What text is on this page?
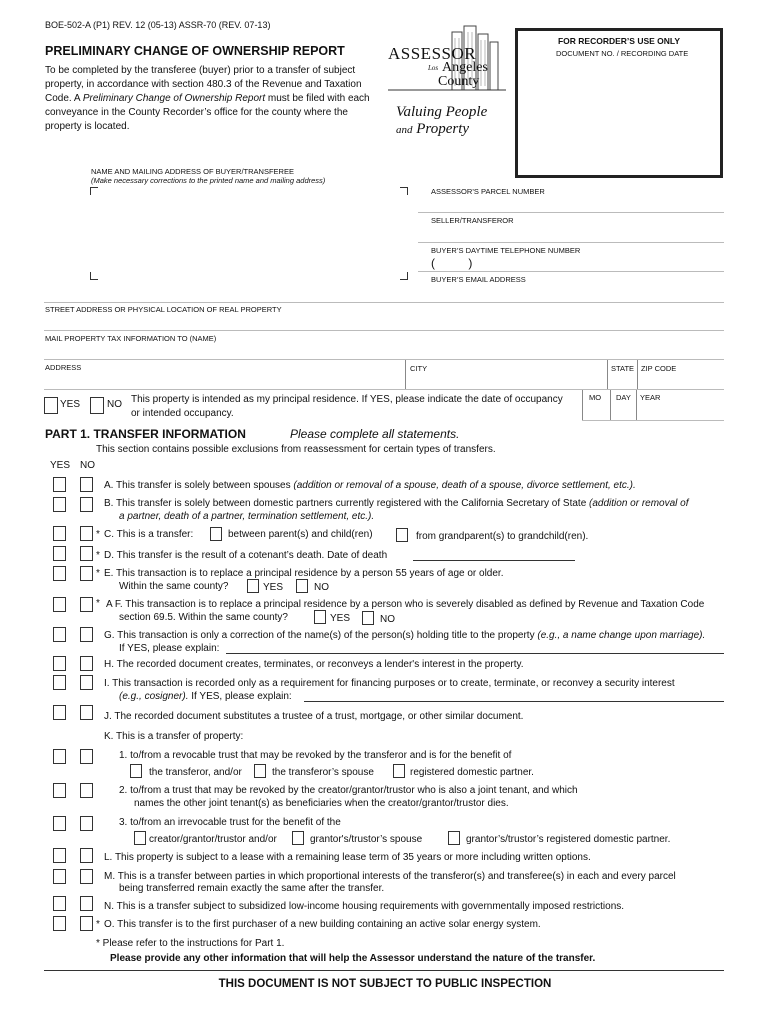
BOE-502-A (P1) REV. 12 (05-13) ASSR-70 (REV. 07-13)
PRELIMINARY CHANGE OF OWNERSHIP REPORT
To be completed by the transferee (buyer) prior to a transfer of subject
property, in accordance with section 480.3 of the Revenue and Taxation
Code. A Preliminary Change of Ownership Report must be filed with each
conveyance in the County Recorder’s office for the county where the
property is located.
ASSESSOR
Los Angeles
County
Valuing People
and Property
FOR RECORDER’S USE ONLY
DOCUMENT NO. / RECORDING DATE
NAME AND MAILING ADDRESS OF BUYER/TRANSFEREE
(Make necessary corrections to the printed name and mailing address)
ASSESSOR’S PARCEL NUMBER
SELLER/TRANSFEROR
BUYER’S DAYTIME TELEPHONE NUMBER
(          )
BUYER’S EMAIL ADDRESS
STREET ADDRESS OR PHYSICAL LOCATION OF REAL PROPERTY
MAIL PROPERTY TAX INFORMATION TO (NAME)
ADDRESS	CITY	STATE ZIP CODE
YES	NO This property is intended as my principal residence. If YES, please indicate the date of occupancy
or intended occupancy.
MO DAY YEAR
PART 1. TRANSFER INFORMATION	Please complete all statements.
This section contains possible exclusions from reassessment for certain types of transfers.
YES NO
A. This transfer is solely between spouses (addition or removal of a spouse, death of a spouse, divorce settlement, etc.).
B. This transfer is solely between domestic partners currently registered with the California Secretary of State (addition or removal of
a partner, death of a partner, termination settlement, etc.).
* C. This is a transfer:	between parent(s) and child(ren)	from grandparent(s) to grandchild(ren).
* D. This transfer is the result of a cotenant’s death. Date of death
* E. This transaction is to replace a principal residence by a person 55 years of age or older.
Within the same county?	YES	NO
* A F. This transaction is to replace a principal residence by a person who is severely disabled as defined by Revenue and Taxation Code
section 69.5. Within the same county?	YES	NO
G. This transaction is only a correction of the name(s) of the person(s) holding title to the property (e.g., a name change upon marriage).
If YES, please explain:
H. The recorded document creates, terminates, or reconveys a lender's interest in the property.
I. This transaction is recorded only as a requirement for financing purposes or to create, terminate, or reconvey a security interest
(e.g., cosigner). If YES, please explain:
J. The recorded document substitutes a trustee of a trust, mortgage, or other similar document.
K. This is a transfer of property:
1. to/from a revocable trust that may be revoked by the transferor and is for the benefit of
the transferor, and/or	the transferor’s spouse	registered domestic partner.
2. to/from a trust that may be revoked by the creator/grantor/trustor who is also a joint tenant, and which
names the other joint tenant(s) as beneficiaries when the creator/grantor/trustor dies.
3. to/from an irrevocable trust for the benefit of the
creator/grantor/trustor and/or	grantor's/trustor’s spouse	grantor’s/trustor’s registered domestic partner.
L. This property is subject to a lease with a remaining lease term of 35 years or more including written options.
M. This is a transfer between parties in which proportional interests of the transferor(s) and transferee(s) in each and every parcel
being transferred remain exactly the same after the transfer.
N. This is a transfer subject to subsidized low-income housing requirements with governmentally imposed restrictions.
* O. This transfer is to the first purchaser of a new building containing an active solar energy system.
* Please refer to the instructions for Part 1.
Please provide any other information that will help the Assessor understand the nature of the transfer.
THIS DOCUMENT IS NOT SUBJECT TO PUBLIC INSPECTION
